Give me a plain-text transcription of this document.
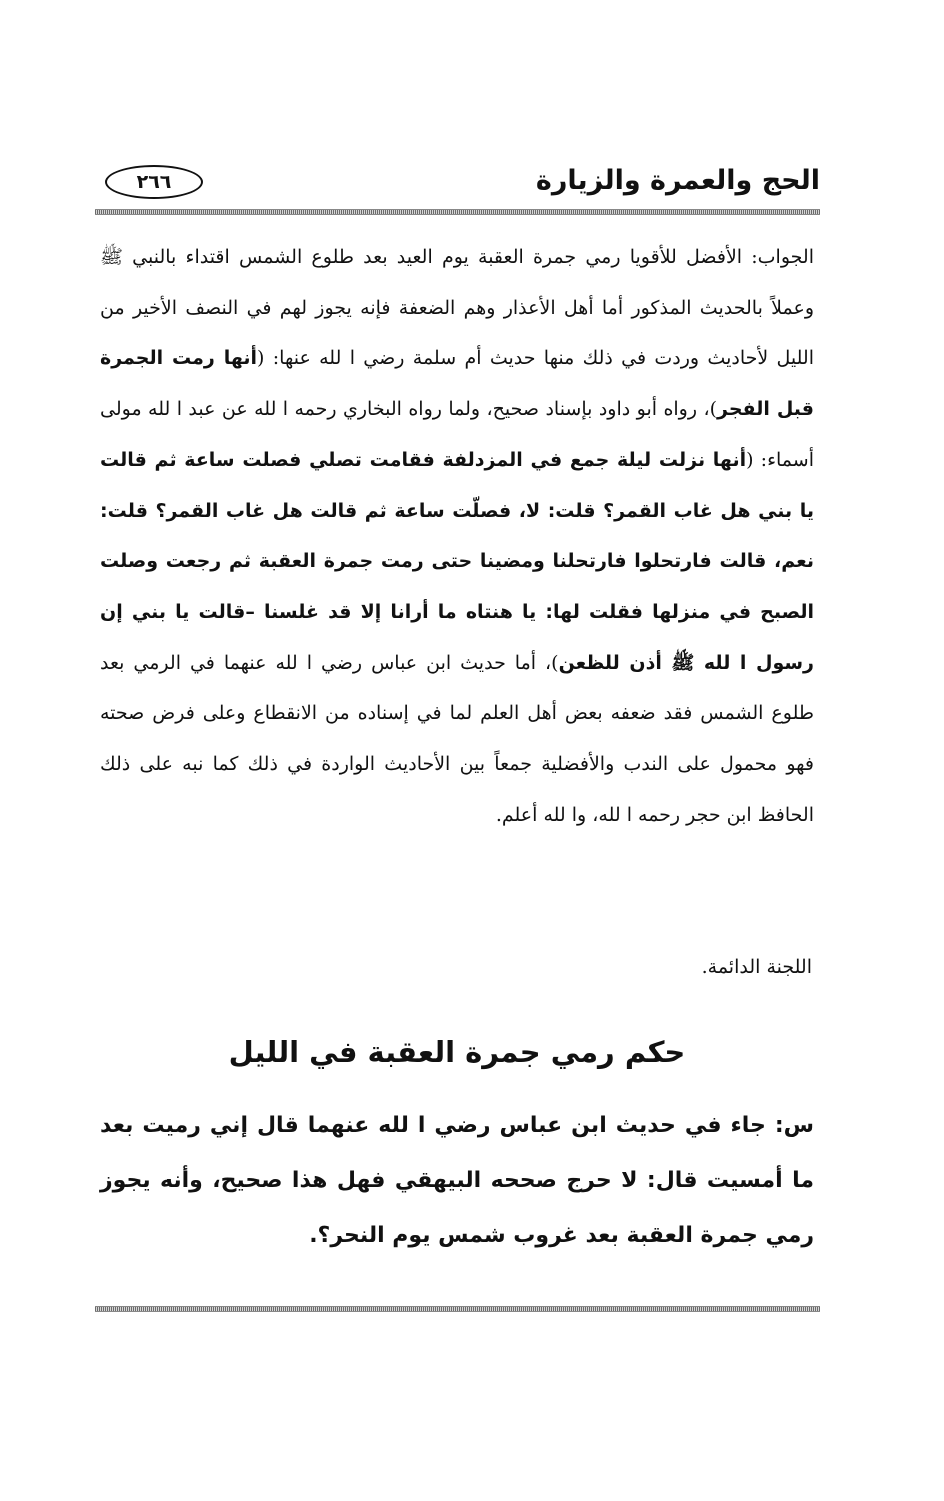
الحج والعمرة والزيارة
٢٦٦
الجواب: الأفضل للأقويا رمي جمرة العقبة يوم العيد بعد طلوع الشمس اقتداء بالنبي ﷺ وعملاً بالحديث المذكور أما أهل الأعذار وهم الضعفة فإنه يجوز لهم في النصف الأخير من الليل لأحاديث وردت في ذلك منها حديث أم سلمة رضي ا لله عنها: (أنها رمت الجمرة قبل الفجر)، رواه أبو داود بإسناد صحيح، ولما رواه البخاري رحمه ا لله عن عبد ا لله مولى أسماء: (أنها نزلت ليلة جمع في المزدلفة فقامت تصلي فصلت ساعة ثم قالت يا بني هل غاب القمر؟ قلت: لا، فصلّت ساعة ثم قالت هل غاب القمر؟ قلت: نعم، قالت فارتحلوا فارتحلنا ومضينا حتى رمت جمرة العقبة ثم رجعت وصلت الصبح في منزلها فقلت لها: يا هنتاه ما أرانا إلا قد غلسنا –قالت يا بني إن رسول ا لله ﷺ أذن للظعن)، أما حديث ابن عباس رضي ا لله عنهما في الرمي بعد طلوع الشمس فقد ضعفه بعض أهل العلم لما في إسناده من الانقطاع وعلى فرض صحته فهو محمول على الندب والأفضلية جمعاً بين الأحاديث الواردة في ذلك كما نبه على ذلك الحافظ ابن حجر رحمه ا لله، وا لله أعلم.
اللجنة الدائمة.
حكم رمي جمرة العقبة في الليل
س: جاء في حديث ابن عباس رضي ا لله عنهما قال إني رميت بعد ما أمسيت قال: لا حرج صححه البيهقي فهل هذا صحيح، وأنه يجوز رمي جمرة العقبة بعد غروب شمس يوم النحر؟.
